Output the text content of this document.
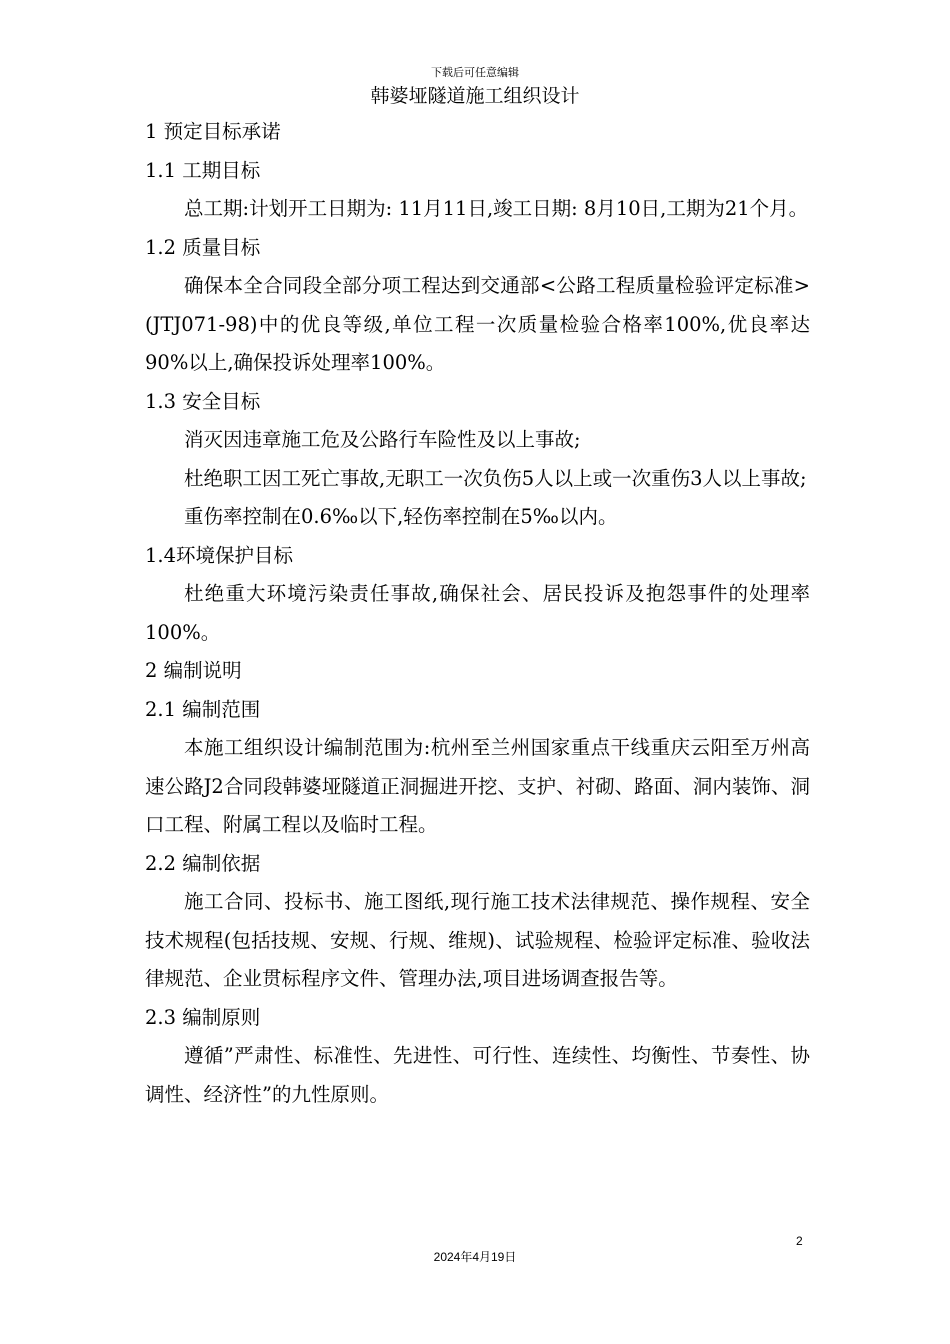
下载后可任意编辑
韩婆垭隧道施工组织设计

1 预定目标承诺

1.1 工期目标

总工期:计划开工日期为: 11月11日,竣工日期: 8月10日,工期为21个月。

1.2 质量目标

确保本全合同段全部分项工程达到交通部<公路工程质量检验评定标准>(JTJ071-98)中的优良等级,单位工程一次质量检验合格率100%,优良率达90%以上,确保投诉处理率100%。

1.3 安全目标

消灭因违章施工危及公路行车险性及以上事故;

杜绝职工因工死亡事故,无职工一次负伤5人以上或一次重伤3人以上事故;

重伤率控制在0.6‰以下,轻伤率控制在5‰以内。

1.4环境保护目标

杜绝重大环境污染责任事故,确保社会、居民投诉及抱怨事件的处理率100%。

2 编制说明

2.1 编制范围

本施工组织设计编制范围为:杭州至兰州国家重点干线重庆云阳至万州高速公路J2合同段韩婆垭隧道正洞掘进开挖、支护、衬砌、路面、洞内装饰、洞口工程、附属工程以及临时工程。

2.2 编制依据

施工合同、投标书、施工图纸,现行施工技术法律规范、操作规程、安全技术规程(包括技规、安规、行规、维规)、试验规程、检验评定标准、验收法律规范、企业贯标程序文件、管理办法,项目进场调查报告等。

2.3 编制原则

遵循”严肃性、标准性、先进性、可行性、连续性、均衡性、节奏性、协调性、经济性”的九性原则。

2
2024年4月19日
